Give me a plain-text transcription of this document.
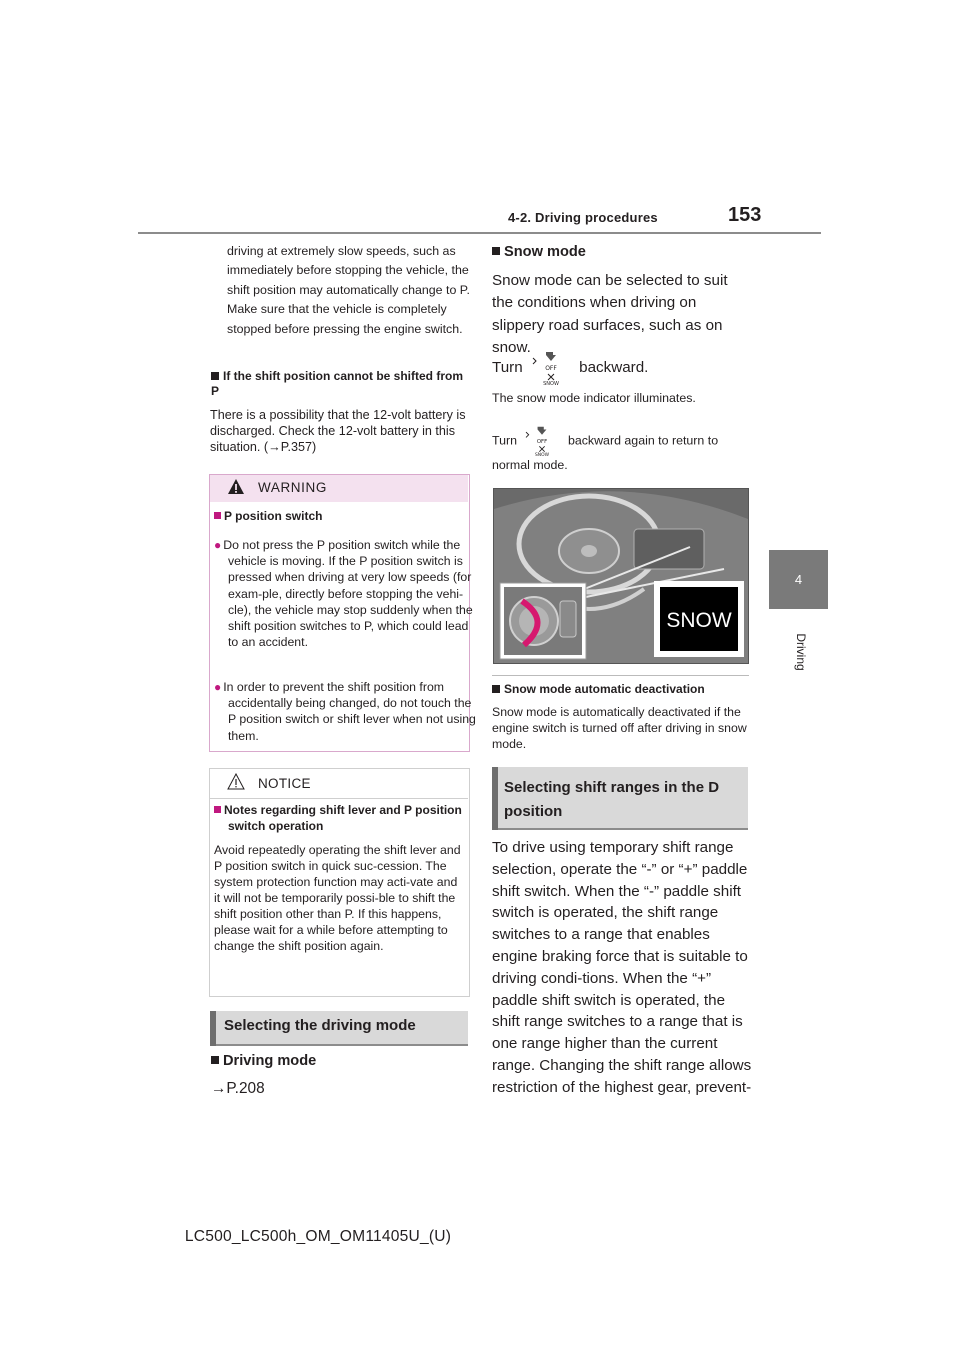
4-2. Driving procedures	153
4
Driving
driving at extremely slow speeds, such as immediately before stopping the vehicle, the shift position may automatically change to P. Make sure that the vehicle is completely stopped before pressing the engine switch.
If the shift position cannot be shifted from P
There is a possibility that the 12-volt battery is discharged. Check the 12-volt battery in this situation. (→P.357)
WARNING
P position switch
● Do not press the P position switch while the vehicle is moving. If the P position switch is pressed when driving at very low speeds (for exam-ple, directly before stopping the vehi-cle), the vehicle may stop suddenly when the shift position switches to P, which could lead to an accident.
● In order to prevent the shift position from accidentally being changed, do not touch the P position switch or shift lever when not using them.
NOTICE
Notes regarding shift lever and P position switch operation
Avoid repeatedly operating the shift lever and P position switch in quick suc-cession. The system protection function may acti-vate and it will not be temporarily possi-ble to shift the shift position other than P. If this happens, please wait for a while before attempting to change the shift position again.
Selecting the driving mode
Driving mode
→P.208
Snow mode
Snow mode can be selected to suit the conditions when driving on slippery road surfaces, such as on snow.
Turn	OFF
SNOW
backward.
The snow mode indicator illuminates.
Turn	OFF
SNOW
backward again to return to
normal mode.
SNOW
Snow mode automatic deactivation
Snow mode is automatically deactivated if the engine switch is turned off after driving in snow mode.
Selecting shift ranges in the D position
To drive using temporary shift range selection, operate the “-” or “+” paddle shift switch. When the “-” paddle shift switch is operated, the shift range switches to a range that enables engine braking force that is suitable to driving condi-tions. When the “+” paddle shift switch is operated, the shift range switches to a range that is one range higher than the current range. Changing the shift range allows restriction of the highest gear, prevent-
LC500_LC500h_OM_OM11405U_(U)
